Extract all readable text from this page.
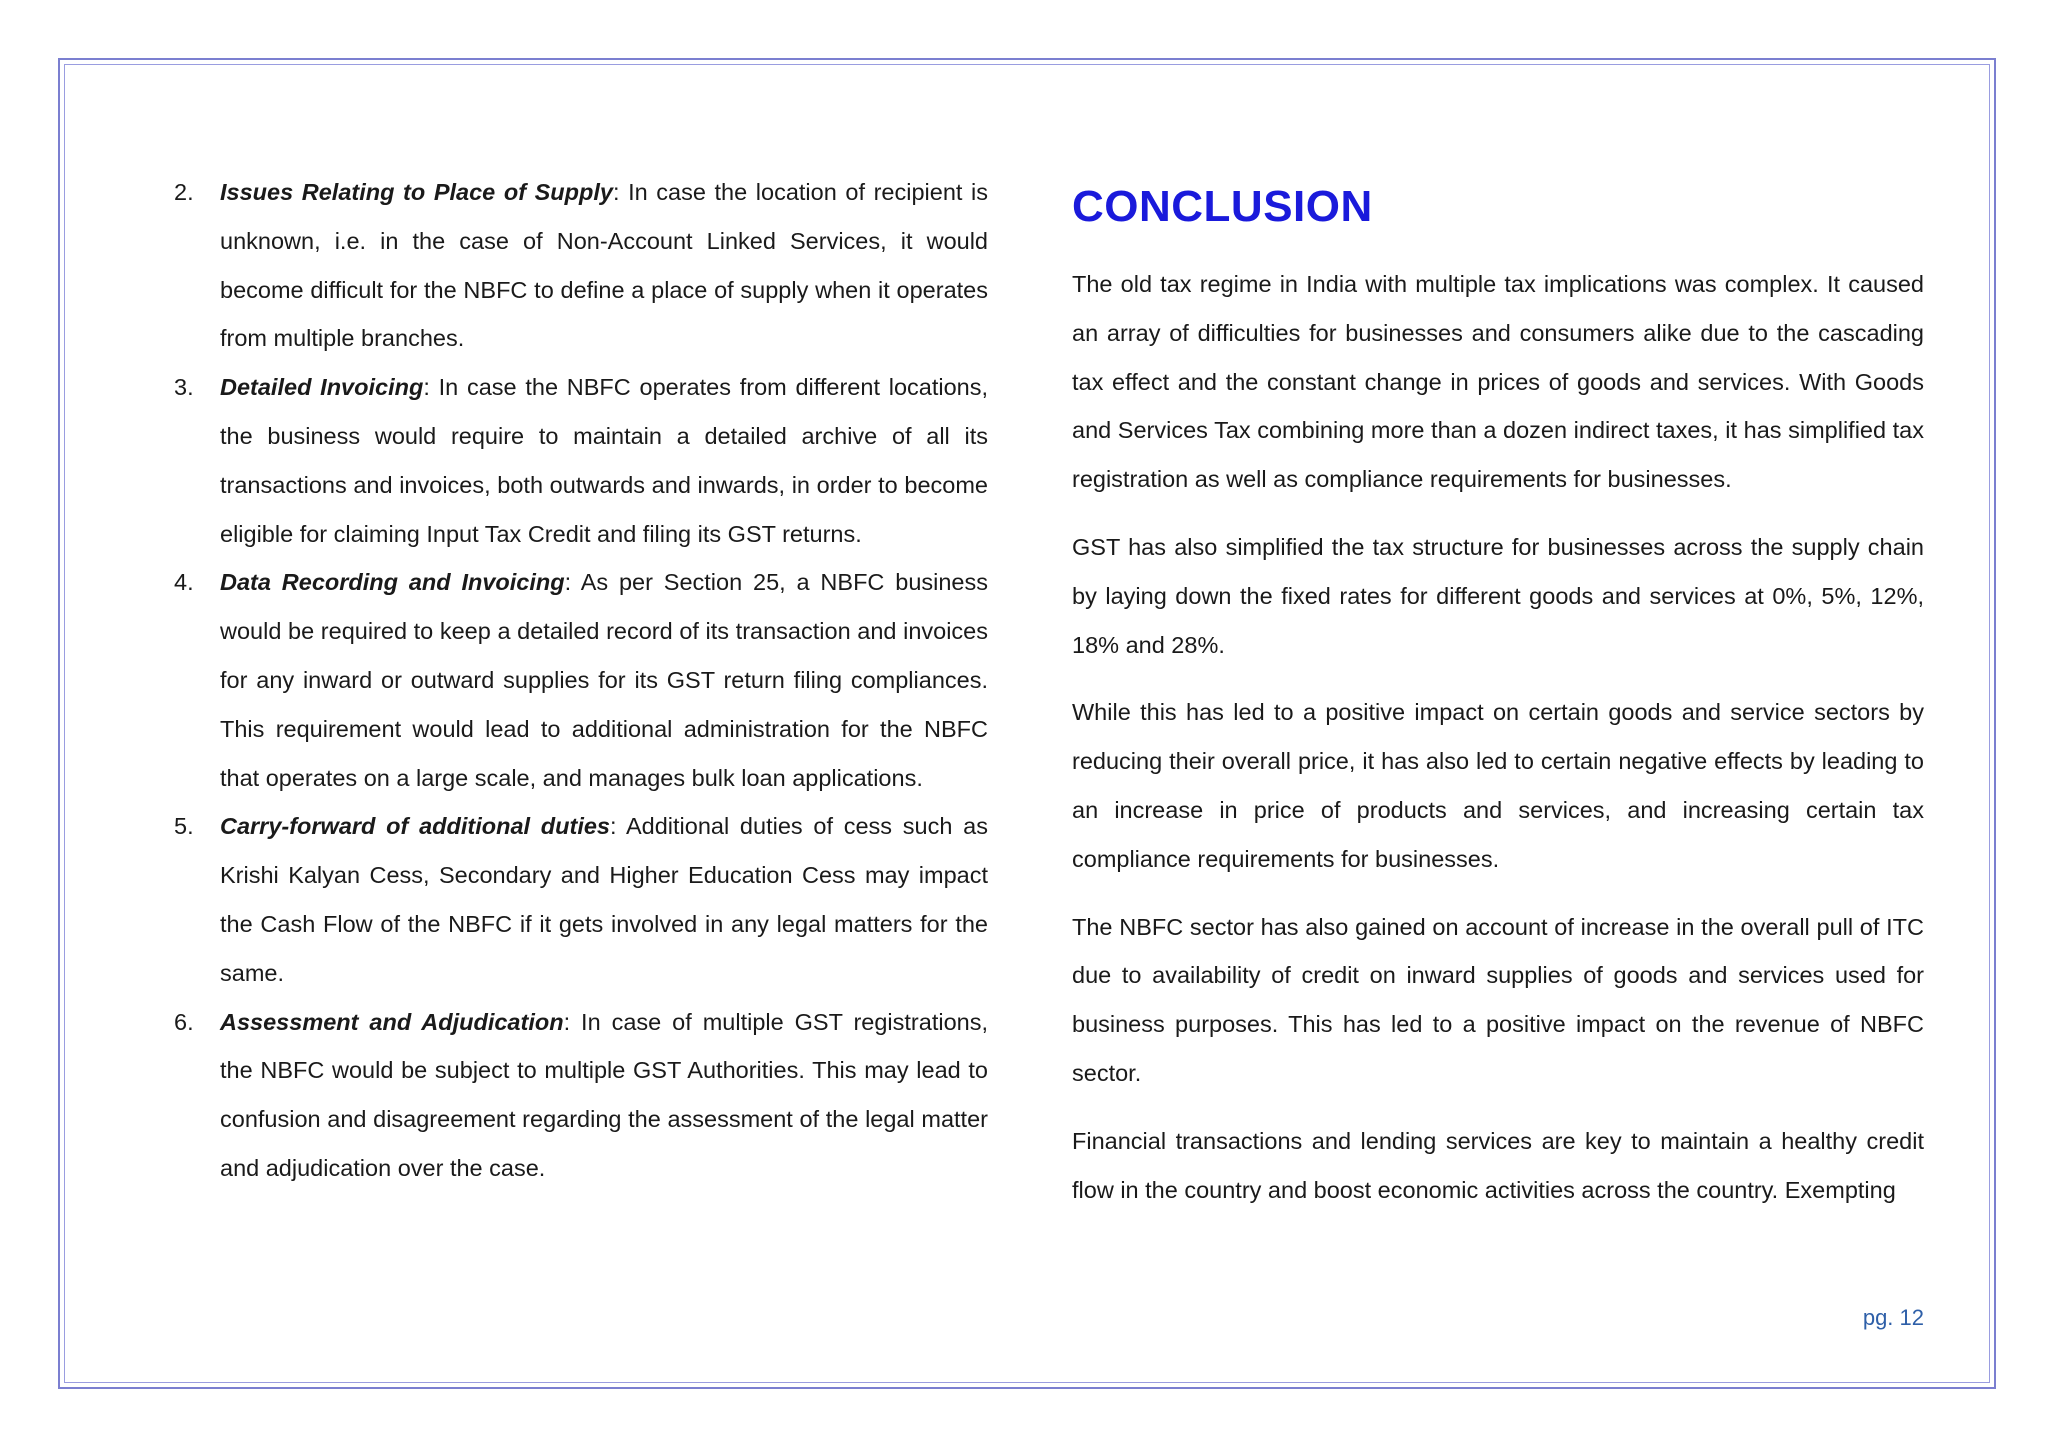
2. Issues Relating to Place of Supply: In case the location of recipient is unknown, i.e. in the case of Non-Account Linked Services, it would become difficult for the NBFC to define a place of supply when it operates from multiple branches.
3. Detailed Invoicing: In case the NBFC operates from different locations, the business would require to maintain a detailed archive of all its transactions and invoices, both outwards and inwards, in order to become eligible for claiming Input Tax Credit and filing its GST returns.
4. Data Recording and Invoicing: As per Section 25, a NBFC business would be required to keep a detailed record of its transaction and invoices for any inward or outward supplies for its GST return filing compliances. This requirement would lead to additional administration for the NBFC that operates on a large scale, and manages bulk loan applications.
5. Carry-forward of additional duties: Additional duties of cess such as Krishi Kalyan Cess, Secondary and Higher Education Cess may impact the Cash Flow of the NBFC if it gets involved in any legal matters for the same.
6. Assessment and Adjudication: In case of multiple GST registrations, the NBFC would be subject to multiple GST Authorities. This may lead to confusion and disagreement regarding the assessment of the legal matter and adjudication over the case.
CONCLUSION

The old tax regime in India with multiple tax implications was complex. It caused an array of difficulties for businesses and consumers alike due to the cascading tax effect and the constant change in prices of goods and services. With Goods and Services Tax combining more than a dozen indirect taxes, it has simplified tax registration as well as compliance requirements for businesses.

GST has also simplified the tax structure for businesses across the supply chain by laying down the fixed rates for different goods and services at 0%, 5%, 12%, 18% and 28%.

While this has led to a positive impact on certain goods and service sectors by reducing their overall price, it has also led to certain negative effects by leading to an increase in price of products and services, and increasing certain tax compliance requirements for businesses.

The NBFC sector has also gained on account of increase in the overall pull of ITC due to availability of credit on inward supplies of goods and services used for business purposes. This has led to a positive impact on the revenue of NBFC sector.

Financial transactions and lending services are key to maintain a healthy credit flow in the country and boost economic activities across the country. Exempting

pg. 12
